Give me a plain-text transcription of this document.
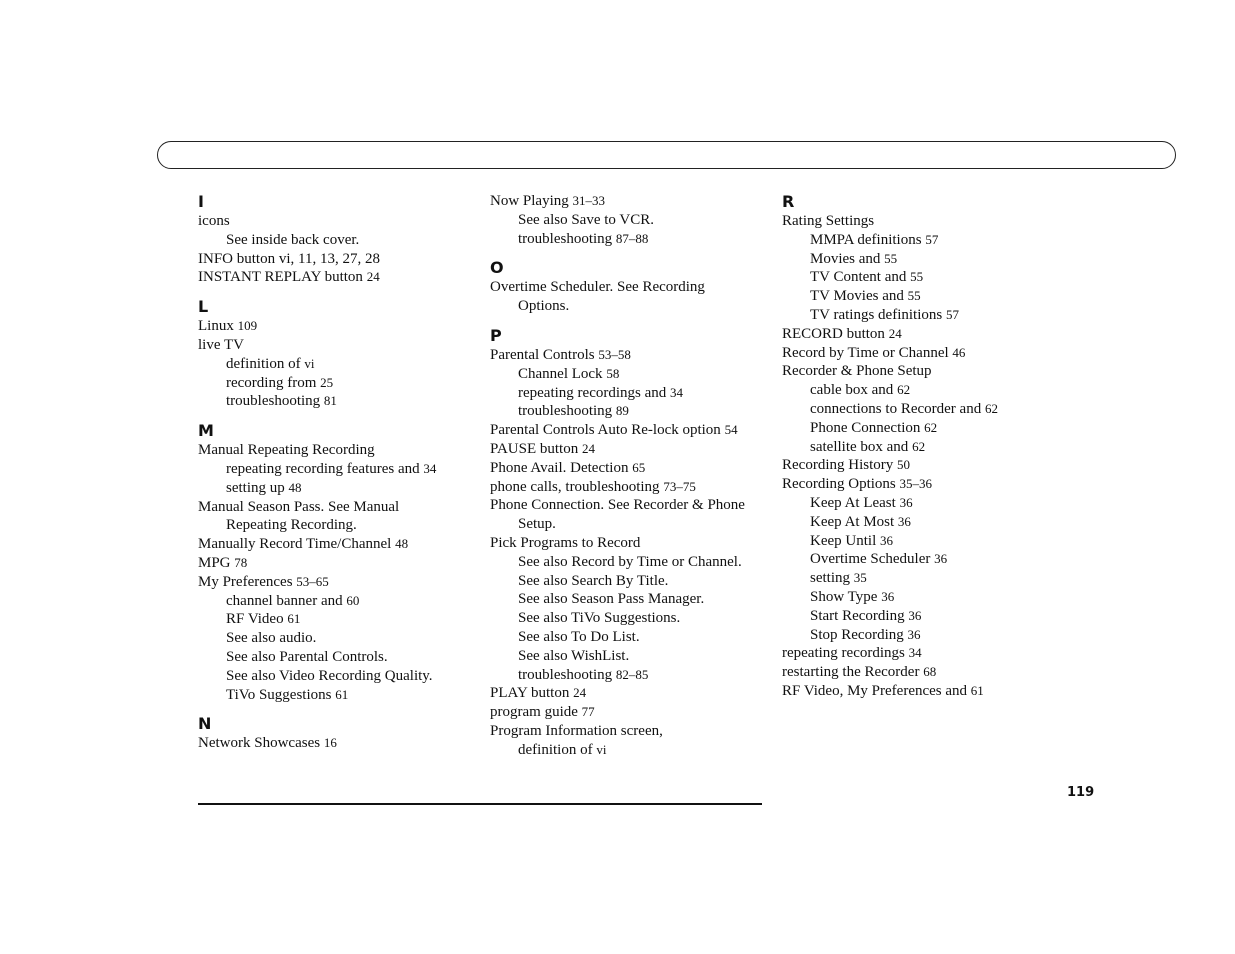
I
icons
See inside back cover.
INFO button vi, 11, 13, 27, 28
INSTANT REPLAY button 24
L
Linux 109
live TV
definition of vi
recording from 25
troubleshooting 81
M
Manual Repeating Recording
repeating recording features and 34
setting up 48
Manual Season Pass. See Manual
Repeating Recording.
Manually Record Time/Channel 48
MPG 78
My Preferences 53–65
channel banner and 60
RF Video 61
See also audio.
See also Parental Controls.
See also Video Recording Quality.
TiVo Suggestions 61
N
Network Showcases 16
Now Playing 31–33
See also Save to VCR.
troubleshooting 87–88
O
Overtime Scheduler. See Recording
Options.
P
Parental Controls 53–58
Channel Lock 58
repeating recordings and 34
troubleshooting 89
Parental Controls Auto Re-lock option 54
PAUSE button 24
Phone Avail. Detection 65
phone calls, troubleshooting 73–75
Phone Connection. See Recorder & Phone
Setup.
Pick Programs to Record
See also Record by Time or Channel.
See also Search By Title.
See also Season Pass Manager.
See also TiVo Suggestions.
See also To Do List.
See also WishList.
troubleshooting 82–85
PLAY button 24
program guide 77
Program Information screen,
definition of vi
R
Rating Settings
MMPA definitions 57
Movies and 55
TV Content and 55
TV Movies and 55
TV ratings definitions 57
RECORD button 24
Record by Time or Channel 46
Recorder & Phone Setup
cable box and 62
connections to Recorder and 62
Phone Connection 62
satellite box and 62
Recording History 50
Recording Options 35–36
Keep At Least 36
Keep At Most 36
Keep Until 36
Overtime Scheduler 36
setting 35
Show Type 36
Start Recording 36
Stop Recording 36
repeating recordings 34
restarting the Recorder 68
RF Video, My Preferences and 61
119
